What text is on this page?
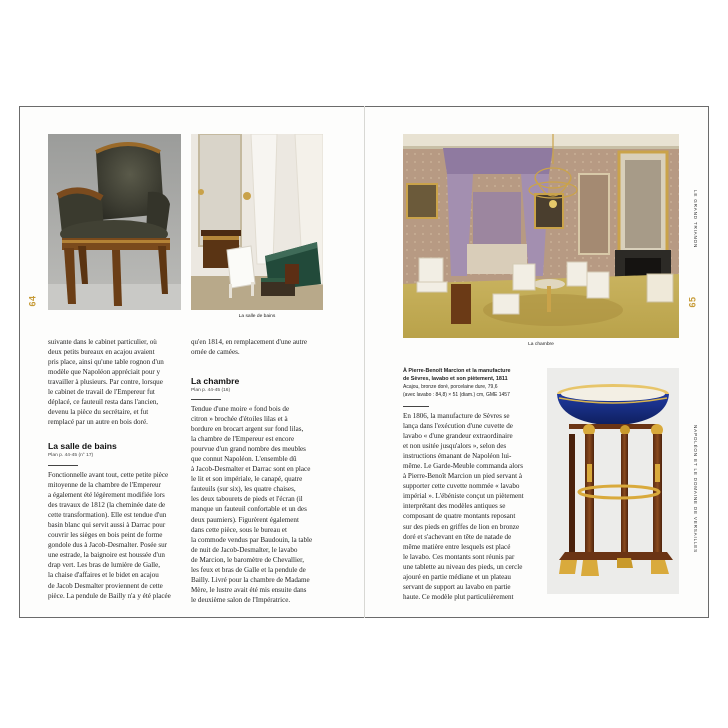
La salle de bains
64
suivante dans le cabinet particulier, où
deux petits bureaux en acajou avaient
pris place, ainsi qu'une table rognon d'un
modèle que Napoléon appréciait pour y
travailler à plusieurs. Par contre, lorsque
le cabinet de travail de l'Empereur fut
déplacé, ce fauteuil resta dans l'ancien,
devenu la pièce du secrétaire, et fut
remplacé par un autre en bois doré.
La salle de bains
Plan p. 44-45 (n° 17)
Fonctionnelle avant tout, cette petite pièce
mitoyenne de la chambre de l'Empereur
a également été légèrement modifiée lors
des travaux de 1812 (la cheminée date de
cette transformation). Elle est tendue d'un
basin blanc qui servit aussi à Darrac pour
couvrir les sièges en bois peint de forme
gondole dus à Jacob-Desmalter. Posée sur
une estrade, la baignoire est houssée d'un
drap vert. Les bras de lumière de Galle,
la chaise d'affaires et le bidet en acajou
de Jacob Desmalter proviennent de cette
pièce. La pendule de Bailly n'a y été placée
qu'en 1814, en remplacement d'une autre
ornée de camées.
La chambre
Plan p. 44-45 (16)
Tendue d'une moire « fond bois de
citron » brochée d'étoiles lilas et à
bordure en brocart argent sur fond lilas,
la chambre de l'Empereur est encore
pourvue d'un grand nombre des meubles
que connut Napoléon. L'ensemble dû
à Jacob-Desmalter et Darrac sont en place
le lit et son impériale, le canapé, quatre
fauteuils (sur six), les quatre chaises,
les deux tabourets de pieds et l'écran (il
manque un fauteuil confortable et un des
deux paumiers). Figurèrent également
dans cette pièce, sous le bureau et
la commode vendus par Baudouin, la table
de nuit de Jacob-Desmalter, le lavabo
de Marcion, le baromètre de Chevallier,
les feux et bras de Galle et la pendule de
Bailly. Livré pour la chambre de Madame
Mère, le lustre avait été mis ensuite dans
le deuxième salon de l'Impératrice.
La chambre
65
LE GRAND TRIANON
NAPOLÉON ET LE DOMAINE DE VERSAILLES
À Pierre-Benoît Marcion et la manufacture
de Sèvres, lavabo et son piètement, 1811
Acajou, bronze doré, porcelaine dure, 79,6
(avec lavabo : 84,8) × 51 (diam.) cm, GME 1457
En 1806, la manufacture de Sèvres se
lança dans l'exécution d'une cuvette de
lavabo « d'une grandeur extraordinaire
et non usitée jusqu'alors », selon des
instructions émanant de Napoléon lui-
même. Le Garde-Meuble commanda alors
à Pierre-Benoît Marcion un pied servant à
supporter cette cuvette nommée « lavabo
impérial ». L'ébéniste conçut un piètement
interprétant des modèles antiques se
composant de quatre montants reposant
sur des pieds en griffes de lion en bronze
doré et s'achevant en tête de natade de
même matière entre lesquels est placé
le lavabo. Ces montants sont réunis par
une tablette au niveau des pieds, un cercle
ajouré en partie médiane et un plateau
servant de support au lavabo en partie
haute. Ce modèle plut particulièrement
